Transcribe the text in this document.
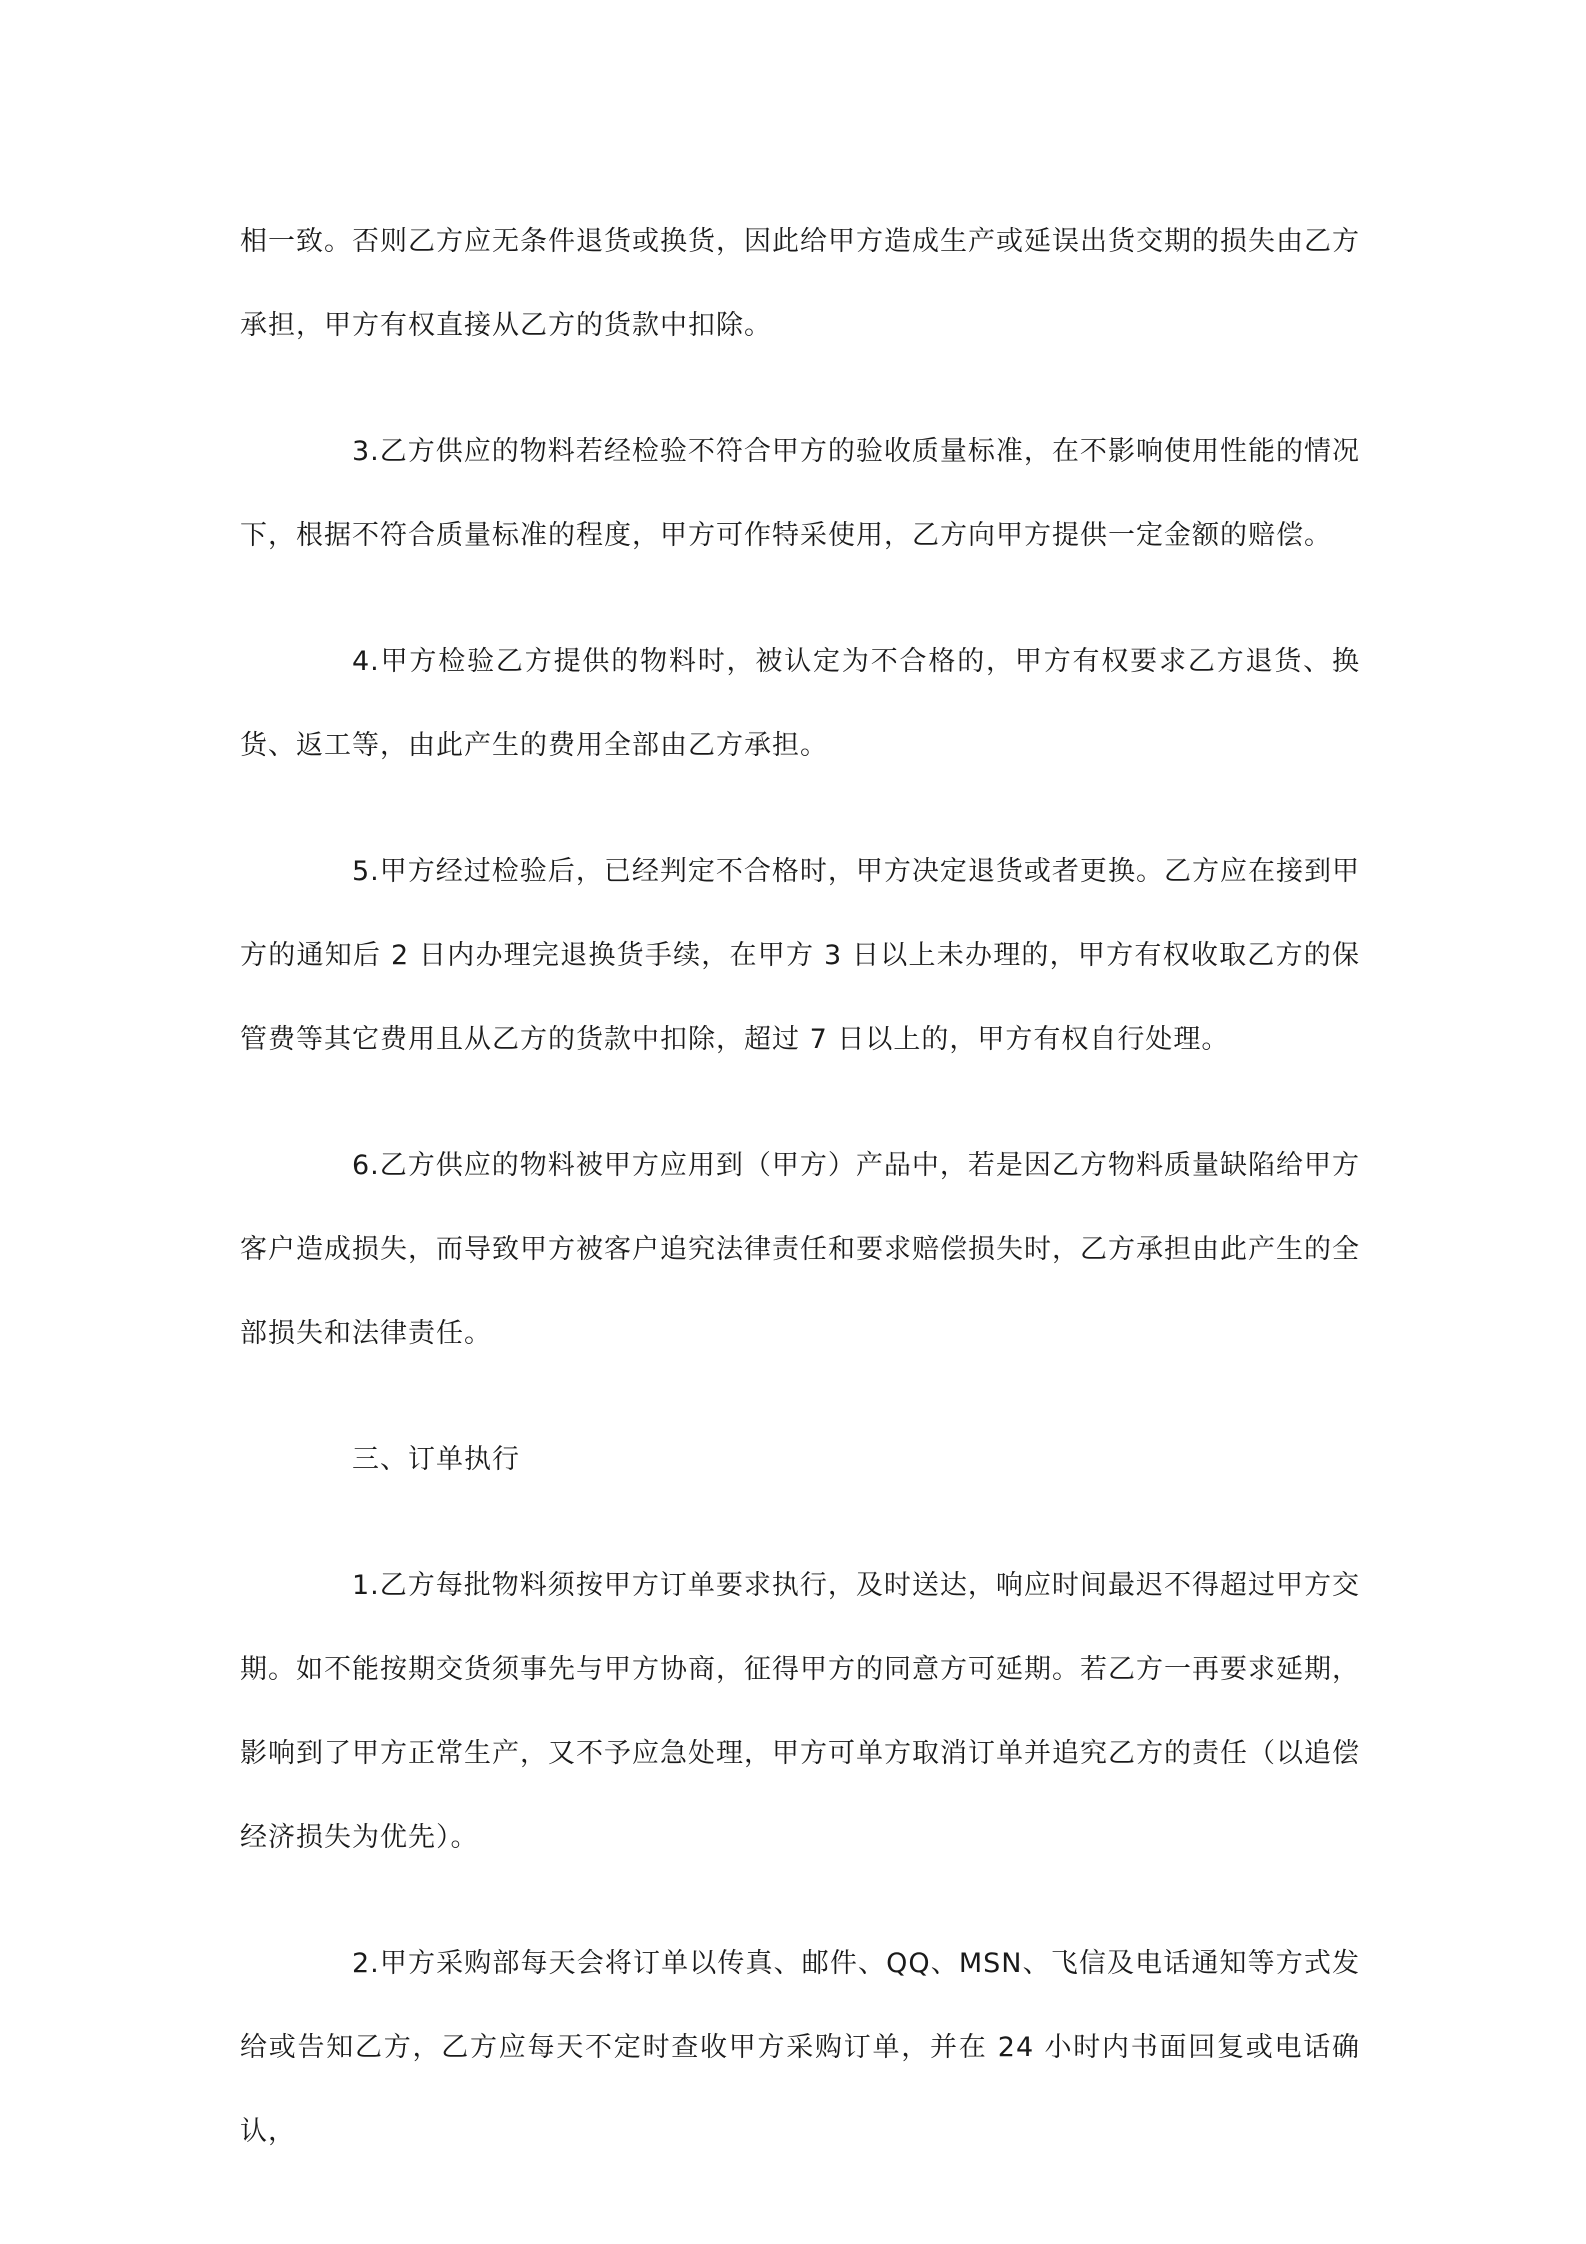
相一致。否则乙方应无条件退货或换货，因此给甲方造成生产或延误出货交期的损失由乙方承担，甲方有权直接从乙方的货款中扣除。

3.乙方供应的物料若经检验不符合甲方的验收质量标准，在不影响使用性能的情况下，根据不符合质量标准的程度，甲方可作特采使用，乙方向甲方提供一定金额的赔偿。

4.甲方检验乙方提供的物料时，被认定为不合格的，甲方有权要求乙方退货、换货、返工等，由此产生的费用全部由乙方承担。

5.甲方经过检验后，已经判定不合格时，甲方决定退货或者更换。乙方应在接到甲方的通知后 2 日内办理完退换货手续，在甲方 3 日以上未办理的，甲方有权收取乙方的保管费等其它费用且从乙方的货款中扣除，超过 7 日以上的，甲方有权自行处理。

6.乙方供应的物料被甲方应用到（甲方）产品中，若是因乙方物料质量缺陷给甲方客户造成损失，而导致甲方被客户追究法律责任和要求赔偿损失时，乙方承担由此产生的全部损失和法律责任。

三、订单执行

1.乙方每批物料须按甲方订单要求执行，及时送达，响应时间最迟不得超过甲方交期。如不能按期交货须事先与甲方协商，征得甲方的同意方可延期。若乙方一再要求延期，影响到了甲方正常生产，又不予应急处理，甲方可单方取消订单并追究乙方的责任（以追偿经济损失为优先）。

2.甲方采购部每天会将订单以传真、邮件、QQ、MSN、飞信及电话通知等方式发给或告知乙方，乙方应每天不定时查收甲方采购订单，并在 24 小时内书面回复或电话确认，
